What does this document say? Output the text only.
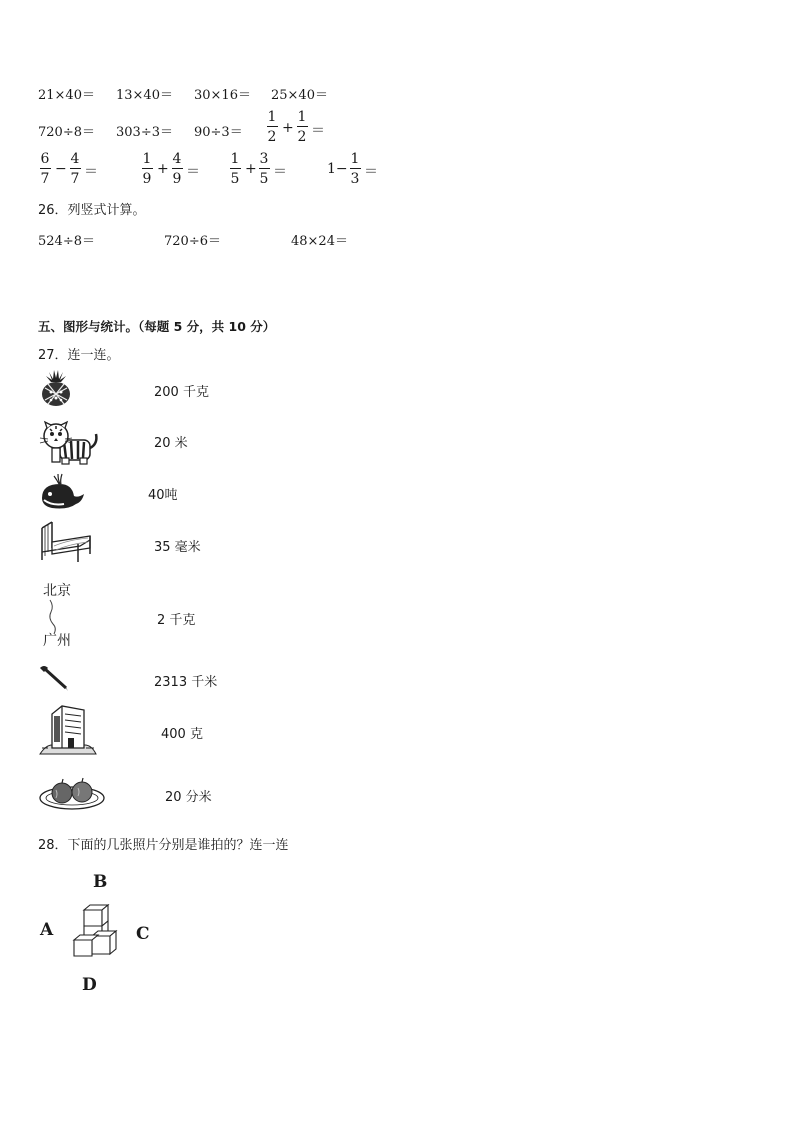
21×40＝ 13×40＝ 30×16＝ 25×40＝
720÷8＝ 303÷3＝ 90÷3＝
1
2
+
1
2 ＝
6
7
−
4
7 ＝
1
9
+
4
9 ＝
1
5
+
3
5 ＝	1−
1
3 ＝
26．列竖式计算。
524÷8＝	720÷6＝	48×24＝
五、图形与统计。（每题 5 分，共 10 分）
27．连一连。
200 千克
20 米
40吨
35 毫米
北京
广州
2 千克
2313 千米
400 克
20 分米
28．下面的几张照片分别是谁拍的？连一连
B
A	C
D
